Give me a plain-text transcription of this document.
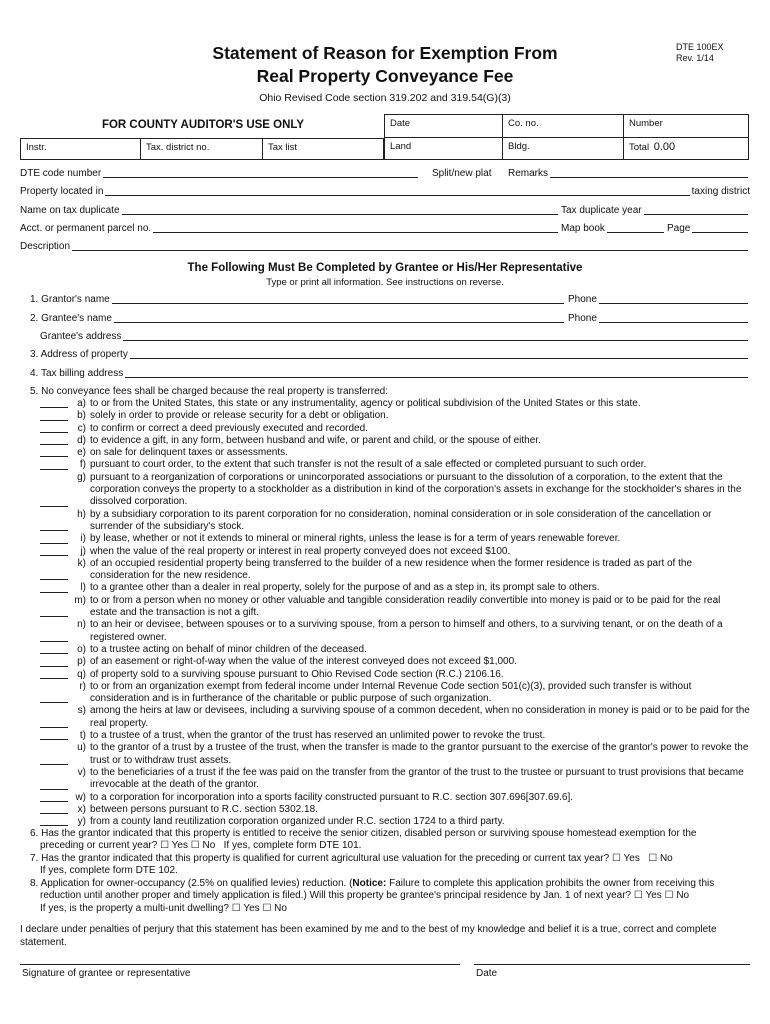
Statement of Reason for Exemption From
Real Property Conveyance Fee
DTE 100EX
Rev. 1/14
Ohio Revised Code section 319.202 and 319.54(G)(3)
FOR COUNTY AUDITOR'S USE ONLY	Date	Co. no.	Number
Instr.	Tax. district no.	Tax list	Land	Bldg.	Total 0.00
DTE code number	Split/new plat Remarks
Property located in	taxing district
Name on tax duplicate	Tax duplicate year
Acct. or permanent parcel no.	Map book	Page
Description
The Following Must Be Completed by Grantee or His/Her Representative
Type or print all information. See instructions on reverse.
1. Grantor's name	Phone
2. Grantee's name	Phone
Grantee's address
3. Address of property
4. Tax billing address
5. No conveyance fees shall be charged because the real property is transferred:
a) to or from the United States, this state or any instrumentality, agency or political subdivision of the United States or this state.
b) solely in order to provide or release security for a debt or obligation.
c) to confirm or correct a deed previously executed and recorded.
d) to evidence a gift, in any form, between husband and wife, or parent and child, or the spouse of either.
e) on sale for delinquent taxes or assessments.
f) pursuant to court order, to the extent that such transfer is not the result of a sale effected or completed pursuant to such order.
g) pursuant to a reorganization of corporations or unincorporated associations or pursuant to the dissolution of a corporation, to the extent that the corporation conveys the property to a stockholder as a distribution in kind of the corporation's assets in exchange for the stockholder's shares in the dissolved corporation.
h) by a subsidiary corporation to its parent corporation for no consideration, nominal consideration or in sole consideration of the cancellation or surrender of the subsidiary's stock.
i) by lease, whether or not it extends to mineral or mineral rights, unless the lease is for a term of years renewable forever.
j) when the value of the real property or interest in real property conveyed does not exceed $100.
k) of an occupied residential property being transferred to the builder of a new residence when the former residence is traded as part of the consideration for the new residence.
l) to a grantee other than a dealer in real property, solely for the purpose of and as a step in, its prompt sale to others.
m) to or from a person when no money or other valuable and tangible consideration readily convertible into money is paid or to be paid for the real estate and the transaction is not a gift.
n) to an heir or devisee, between spouses or to a surviving spouse, from a person to himself and others, to a surviving tenant, or on the death of a registered owner.
o) to a trustee acting on behalf of minor children of the deceased.
p) of an easement or right-of-way when the value of the interest conveyed does not exceed $1,000.
q) of property sold to a surviving spouse pursuant to Ohio Revised Code section (R.C.) 2106.16.
r) to or from an organization exempt from federal income under Internal Revenue Code section 501(c)(3), provided such transfer is without consideration and is in furtherance of the charitable or public purpose of such organization.
s) among the heirs at law or devisees, including a surviving spouse of a common decedent, when no consideration in money is paid or to be paid for the real property.
t) to a trustee of a trust, when the grantor of the trust has reserved an unlimited power to revoke the trust.
u) to the grantor of a trust by a trustee of the trust, when the transfer is made to the grantor pursuant to the exercise of the grantor's power to revoke the trust or to withdraw trust assets.
v) to the beneficiaries of a trust if the fee was paid on the transfer from the grantor of the trust to the trustee or pursuant to trust provisions that became irrevocable at the death of the grantor.
w) to a corporation for incorporation into a sports facility constructed pursuant to R.C. section 307.696[307.69.6].
x) between persons pursuant to R.C. section 5302.18.
y) from a county land reutilization corporation organized under R.C. section 1724 to a third party.
6. Has the grantor indicated that this property is entitled to receive the senior citizen, disabled person or surviving spouse homestead exemption for the
preceding or current year? ☐ Yes ☐ No If yes, complete form DTE 101.
7. Has the grantor indicated that this property is qualified for current agricultural use valuation for the preceding or current tax year? ☐ Yes ☐ No
If yes, complete form DTE 102.
8. Application for owner-occupancy (2.5% on qualified levies) reduction. (Notice: Failure to complete this application prohibits the owner from receiving this
reduction until another proper and timely application is filed.) Will this property be grantee's principal residence by Jan. 1 of next year? ☐ Yes ☐ No
If yes, is the property a multi-unit dwelling? ☐ Yes ☐ No
I declare under penalties of perjury that this statement has been examined by me and to the best of my knowledge and belief it is a true, correct and complete statement.
Signature of grantee or representative	Date
